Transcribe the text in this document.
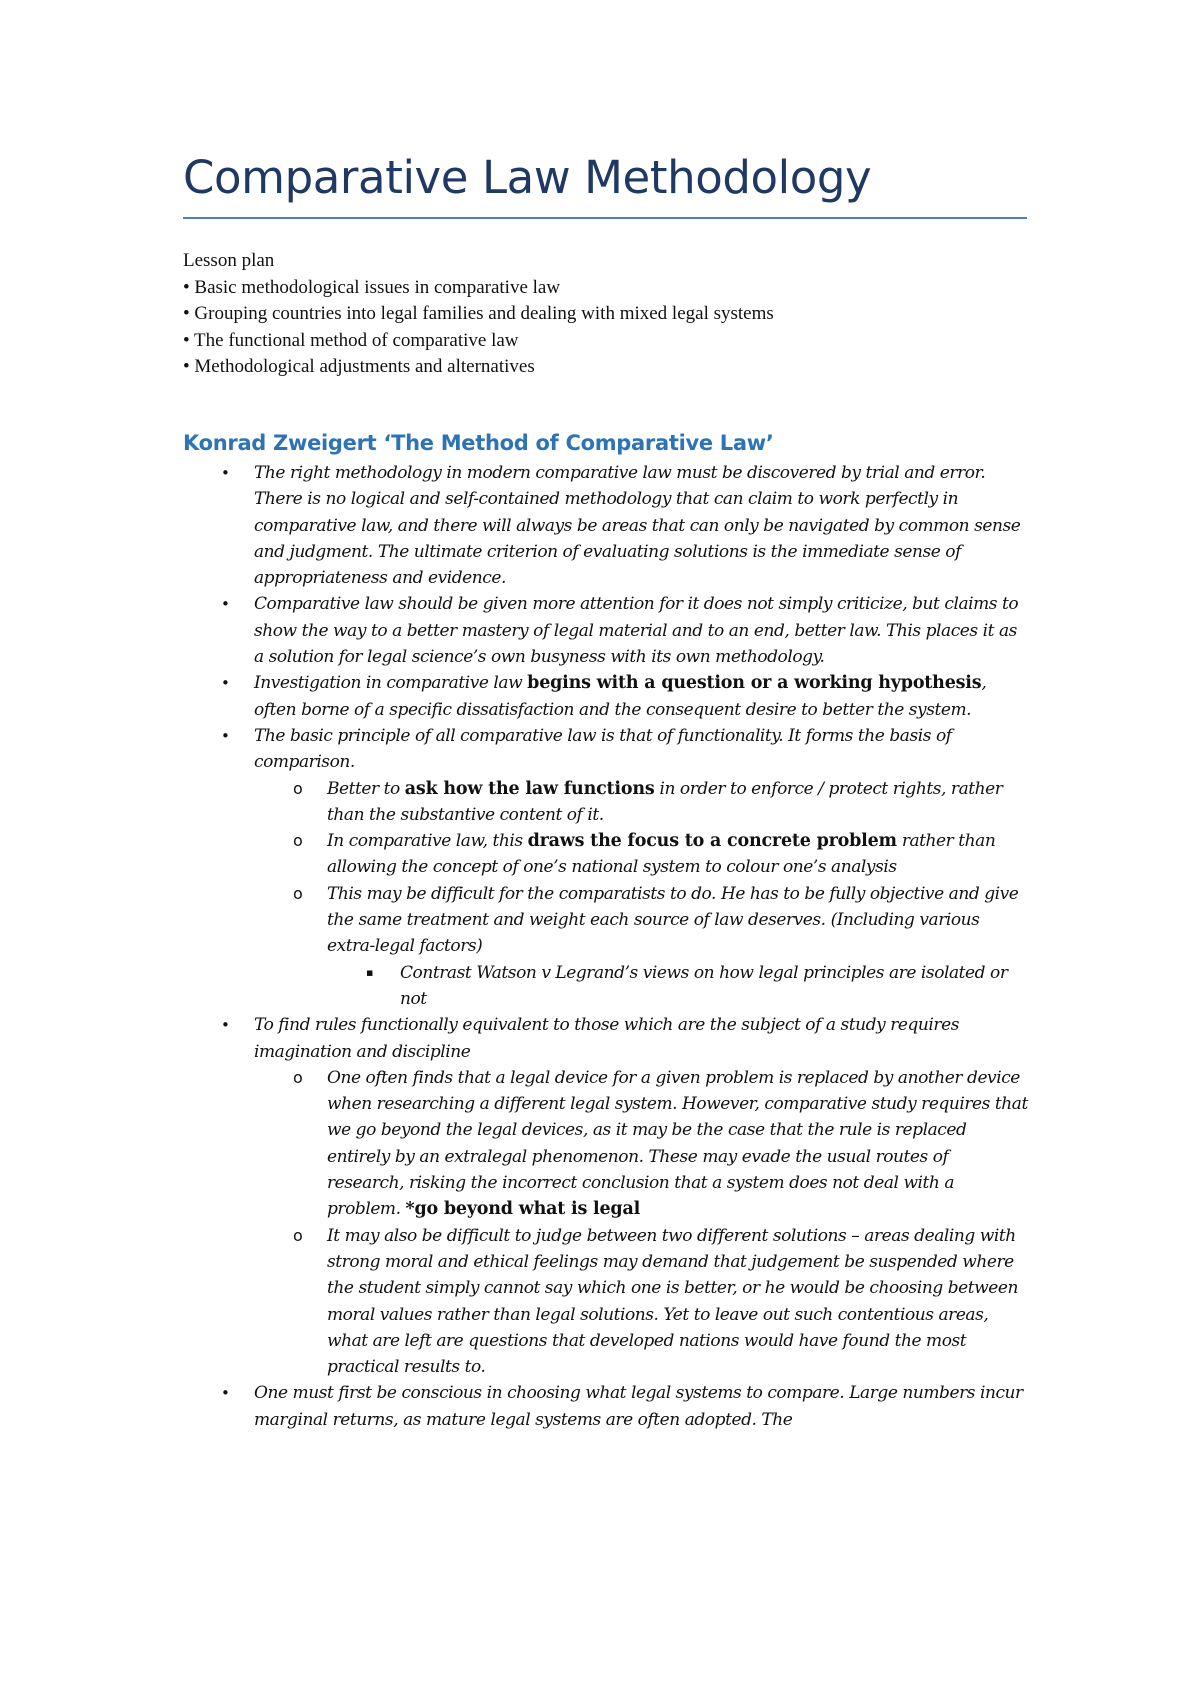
Comparative Law Methodology
Lesson plan
• Basic methodological issues in comparative law
• Grouping countries into legal families and dealing with mixed legal systems
• The functional method of comparative law
• Methodological adjustments and alternatives
Konrad Zweigert ‘The Method of Comparative Law’
• The right methodology in modern comparative law must be discovered by trial and error. There is no logical and self-contained methodology that can claim to work perfectly in comparative law, and there will always be areas that can only be navigated by common sense and judgment. The ultimate criterion of evaluating solutions is the immediate sense of appropriateness and evidence.
• Comparative law should be given more attention for it does not simply criticize, but claims to show the way to a better mastery of legal material and to an end, better law. This places it as a solution for legal science’s own busyness with its own methodology.
• Investigation in comparative law begins with a question or a working hypothesis, often borne of a specific dissatisfaction and the consequent desire to better the system.
• The basic principle of all comparative law is that of functionality. It forms the basis of comparison.
o Better to ask how the law functions in order to enforce / protect rights, rather than the substantive content of it.
o In comparative law, this draws the focus to a concrete problem rather than allowing the concept of one’s national system to colour one’s analysis
o This may be difficult for the comparatists to do. He has to be fully objective and give the same treatment and weight each source of law deserves. (Including various extra-legal factors)
▪ Contrast Watson v Legrand’s views on how legal principles are isolated or not
• To find rules functionally equivalent to those which are the subject of a study requires imagination and discipline
o One often finds that a legal device for a given problem is replaced by another device when researching a different legal system. However, comparative study requires that we go beyond the legal devices, as it may be the case that the rule is replaced entirely by an extralegal phenomenon. These may evade the usual routes of research, risking the incorrect conclusion that a system does not deal with a problem. *go beyond what is legal
o It may also be difficult to judge between two different solutions – areas dealing with strong moral and ethical feelings may demand that judgement be suspended where the student simply cannot say which one is better, or he would be choosing between moral values rather than legal solutions. Yet to leave out such contentious areas, what are left are questions that developed nations would have found the most practical results to.
• One must first be conscious in choosing what legal systems to compare. Large numbers incur marginal returns, as mature legal systems are often adopted. The
